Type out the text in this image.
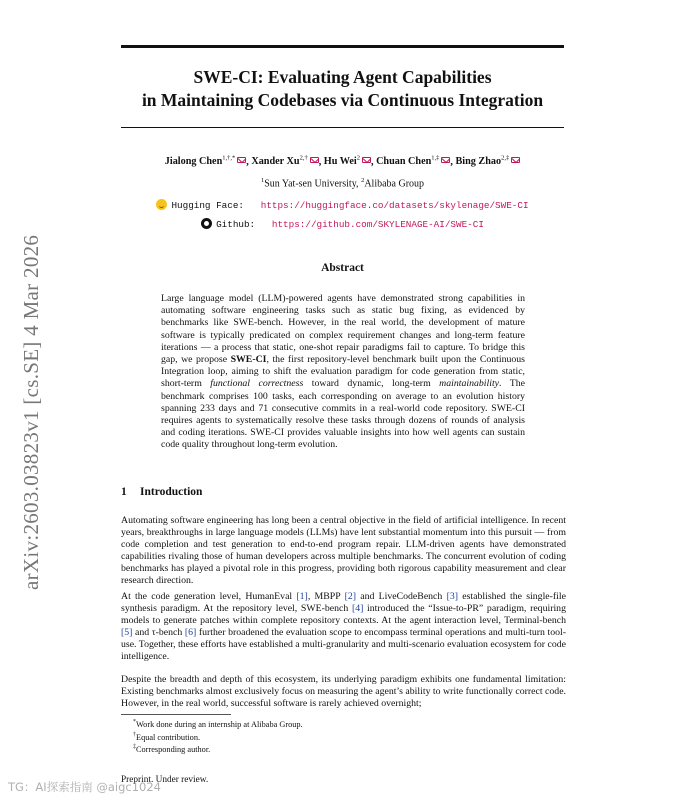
SWE-CI: Evaluating Agent Capabilities
in Maintaining Codebases via Continuous Integration
Jialong Chen$^{1,\dagger,*}$ , Xander $Xu^{2,\dagger}$ , Hu Wei$^2$ , Chuan Chen$^{1,\ddagger}$ , Bing Zhao$^{2,\ddagger}$
$^1$Sun Yat-sen University, $^2$Alibaba Group
Hugging Face: https://huggingface.co/datasets/skylenage/SWE-CI
Github: https://github.com/SKYLENAGE-AI/SWE-CI
Abstract
Large language model (LLM)-powered agents have demonstrated strong capabilities in automating software engineering tasks such as static bug fixing, as evidenced by benchmarks like SWE-bench. However, in the real world, the development of mature software is typically predicated on complex requirement changes and long-term feature iterations — a process that static, one-shot repair paradigms fail to capture. To bridge this gap, we propose SWE-CI, the first repository-level benchmark built upon the Continuous Integration loop, aiming to shift the evaluation paradigm for code generation from static, short-term functional correctness toward dynamic, long-term maintainability. The benchmark comprises 100 tasks, each corresponding on average to an evolution history spanning 233 days and 71 consecutive commits in a real-world code repository. SWE-CI requires agents to systematically resolve these tasks through dozens of rounds of analysis and coding iterations. SWE-CI provides valuable insights into how well agents can sustain code quality throughout long-term evolution.
1 Introduction
Automating software engineering has long been a central objective in the field of artificial intelligence. In recent years, breakthroughs in large language models (LLMs) have lent substantial momentum into this pursuit — from code completion and test generation to end-to-end program repair. LLM-driven agents have demonstrated capabilities rivaling those of human developers across multiple benchmarks. The concurrent evolution of coding benchmarks has played a pivotal role in this progress, providing both rigorous capability measurement and clear research direction.
At the code generation level, HumanEval [1], MBPP [2] and LiveCodeBench [3] established the single-file synthesis paradigm. At the repository level, SWE-bench [4] introduced the “Issue-to-PR” paradigm, requiring models to generate patches within complete repository contexts. At the agent interaction level, Terminal-bench [5] and τ-bench [6] further broadened the evaluation scope to encompass terminal operations and multi-turn tool-use. Together, these efforts have established a multi-granularity and multi-scenario evaluation ecosystem for code intelligence.
Despite the breadth and depth of this ecosystem, its underlying paradigm exhibits one fundamental limitation: Existing benchmarks almost exclusively focus on measuring the agent’s ability to write functionally correct code. However, in the real world, successful software is rarely achieved overnight;
*Work done during an internship at Alibaba Group.
†Equal contribution.
‡Corresponding author.
Preprint. Under review.
arXiv:2603.03823v1 [cs.SE] 4 Mar 2026
TG：AI探索指南 @aigc1024
